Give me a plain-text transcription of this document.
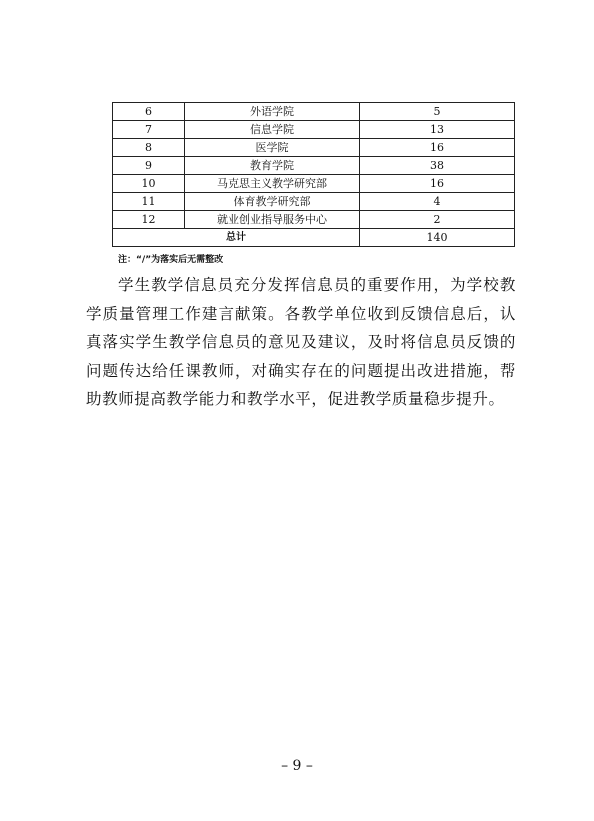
6	外语学院	5
7	信息学院	13
8	医学院	16
9	教育学院	38
10	马克思主义教学研究部	16
11	体育教学研究部	4
12	就业创业指导服务中心	2
总计		140
注：“/”为落实后无需整改

学生教学信息员充分发挥信息员的重要作用，为学校教学质量管理工作建言献策。各教学单位收到反馈信息后，认真落实学生教学信息员的意见及建议，及时将信息员反馈的问题传达给任课教师，对确实存在的问题提出改进措施，帮助教师提高教学能力和教学水平，促进教学质量稳步提升。

– 9 –
